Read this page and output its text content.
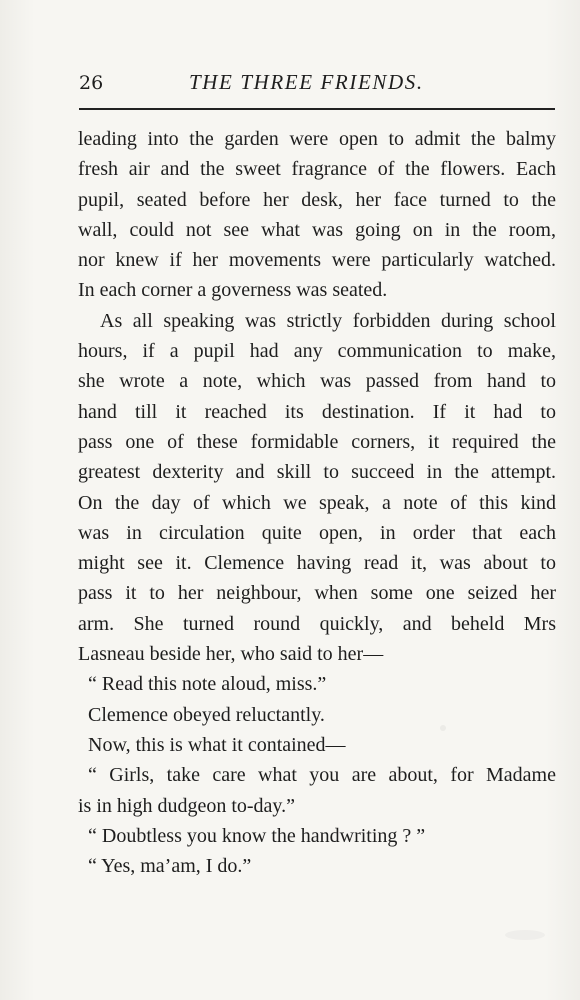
26	THE THREE FRIENDS.
leading into the garden were open to admit the balmy
fresh air and the sweet fragrance of the flowers. Each
pupil, seated before her desk, her face turned to the
wall, could not see what was going on in the room,
nor knew if her movements were particularly watched.
In each corner a governess was seated.
As all speaking was strictly forbidden during school
hours, if a pupil had any communication to make,
she wrote a note, which was passed from hand to
hand till it reached its destination. If it had to
pass one of these formidable corners, it required the
greatest dexterity and skill to succeed in the attempt.
On the day of which we speak, a note of this kind
was in circulation quite open, in order that each
might see it. Clemence having read it, was about to
pass it to her neighbour, when some one seized her
arm. She turned round quickly, and beheld Mrs
Lasneau beside her, who said to her—
“ Read this note aloud, miss.”
Clemence obeyed reluctantly.
Now, this is what it contained—
“ Girls, take care what you are about, for Madame
is in high dudgeon to-day.”
“ Doubtless you know the handwriting ? ”
“ Yes, ma’am, I do.”
